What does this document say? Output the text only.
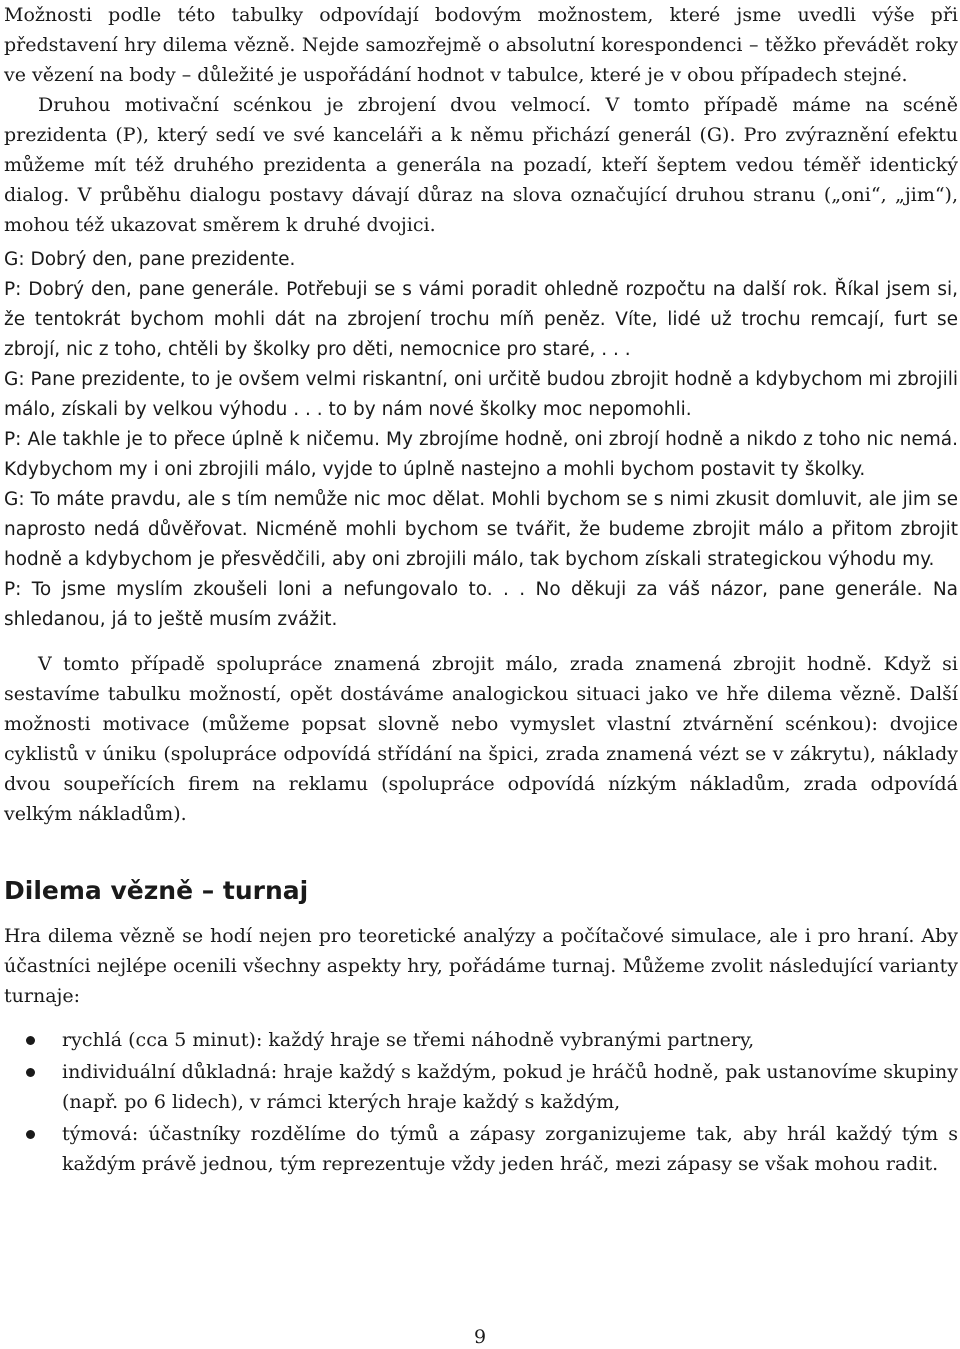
Možnosti podle této tabulky odpovídají bodovým možnostem, které jsme uvedli výše při představení hry dilema vězně. Nejde samozřejmě o absolutní korespondenci – těžko převádět roky ve vězení na body – důležité je uspořádání hodnot v tabulce, které je v obou případech stejné.

Druhou motivační scénkou je zbrojení dvou velmocí. V tomto případě máme na scéně prezidenta (P), který sedí ve své kanceláři a k němu přichází generál (G). Pro zvýraznění efektu můžeme mít též druhého prezidenta a generála na pozadí, kteří šeptem vedou téměř identický dialog. V průběhu dialogu postavy dávají důraz na slova označující druhou stranu („oni“, „jim“), mohou též ukazovat směrem k druhé dvojici.

G: Dobrý den, pane prezidente.

P: Dobrý den, pane generále. Potřebuji se s vámi poradit ohledně rozpočtu na další rok. Říkal jsem si, že tentokrát bychom mohli dát na zbrojení trochu míň peněz. Víte, lidé už trochu remcají, furt se zbrojí, nic z toho, chtěli by školky pro děti, nemocnice pro staré, . . .

G: Pane prezidente, to je ovšem velmi riskantní, oni určitě budou zbrojit hodně a kdybychom mi zbrojili málo, získali by velkou výhodu . . . to by nám nové školky moc nepomohli.

P: Ale takhle je to přece úplně k ničemu. My zbrojíme hodně, oni zbrojí hodně a nikdo z toho nic nemá. Kdybychom my i oni zbrojili málo, vyjde to úplně nastejno a mohli bychom postavit ty školky.

G: To máte pravdu, ale s tím nemůže nic moc dělat. Mohli bychom se s nimi zkusit domluvit, ale jim se naprosto nedá důvěřovat. Nicméně mohli bychom se tvářit, že budeme zbrojit málo a přitom zbrojit hodně a kdybychom je přesvědčili, aby oni zbrojili málo, tak bychom získali strategickou výhodu my.

P: To jsme myslím zkoušeli loni a nefungovalo to. . . No děkuji za váš názor, pane generále. Na shledanou, já to ještě musím zvážit.

V tomto případě spolupráce znamená zbrojit málo, zrada znamená zbrojit hodně. Když si sestavíme tabulku možností, opět dostáváme analogickou situaci jako ve hře dilema vězně. Další možnosti motivace (můžeme popsat slovně nebo vymyslet vlastní ztvárnění scénkou): dvojice cyklistů v úniku (spolupráce odpovídá střídání na špici, zrada znamená vézt se v zákrytu), náklady dvou soupeřících firem na reklamu (spolupráce odpovídá nízkým nákladům, zrada odpovídá velkým nákladům).

Dilema vězně – turnaj

Hra dilema vězně se hodí nejen pro teoretické analýzy a počítačové simulace, ale i pro hraní. Aby účastníci nejlépe ocenili všechny aspekty hry, pořádáme turnaj. Můžeme zvolit následující varianty turnaje:

rychlá (cca 5 minut): každý hraje se třemi náhodně vybranými partnery,
individuální důkladná: hraje každý s každým, pokud je hráčů hodně, pak ustanovíme skupiny (např. po 6 lidech), v rámci kterých hraje každý s každým,
týmová: účastníky rozdělíme do týmů a zápasy zorganizujeme tak, aby hrál každý tým s každým právě jednou, tým reprezentuje vždy jeden hráč, mezi zápasy se však mohou radit.
9
